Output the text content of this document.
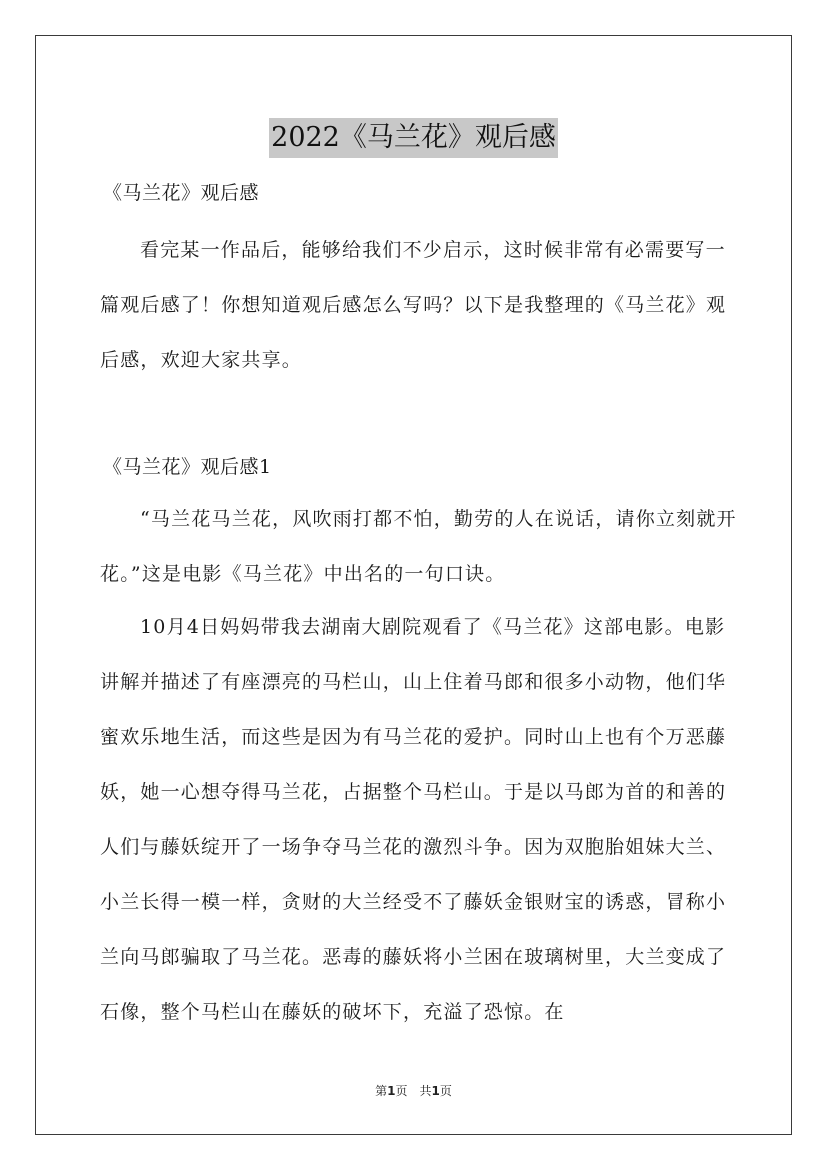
2022《马兰花》观后感

《马兰花》观后感

看完某一作品后，能够给我们不少启示，这时候非常有必需要写一篇观后感了！你想知道观后感怎么写吗？以下是我整理的《马兰花》观后感，欢迎大家共享。

《马兰花》观后感1

“马兰花马兰花，风吹雨打都不怕，勤劳的人在说话，请你立刻就开花。”这是电影《马兰花》中出名的一句口诀。

10月4日妈妈带我去湖南大剧院观看了《马兰花》这部电影。电影讲解并描述了有座漂亮的马栏山，山上住着马郎和很多小动物，他们华蜜欢乐地生活，而这些是因为有马兰花的爱护。同时山上也有个万恶藤妖，她一心想夺得马兰花，占据整个马栏山。于是以马郎为首的和善的人们与藤妖绽开了一场争夺马兰花的激烈斗争。因为双胞胎姐妹大兰、小兰长得一模一样，贪财的大兰经受不了藤妖金银财宝的诱惑，冒称小兰向马郎骗取了马兰花。恶毒的藤妖将小兰困在玻璃树里，大兰变成了石像，整个马栏山在藤妖的破坏下，充溢了恐惊。在

第1页　共1页
